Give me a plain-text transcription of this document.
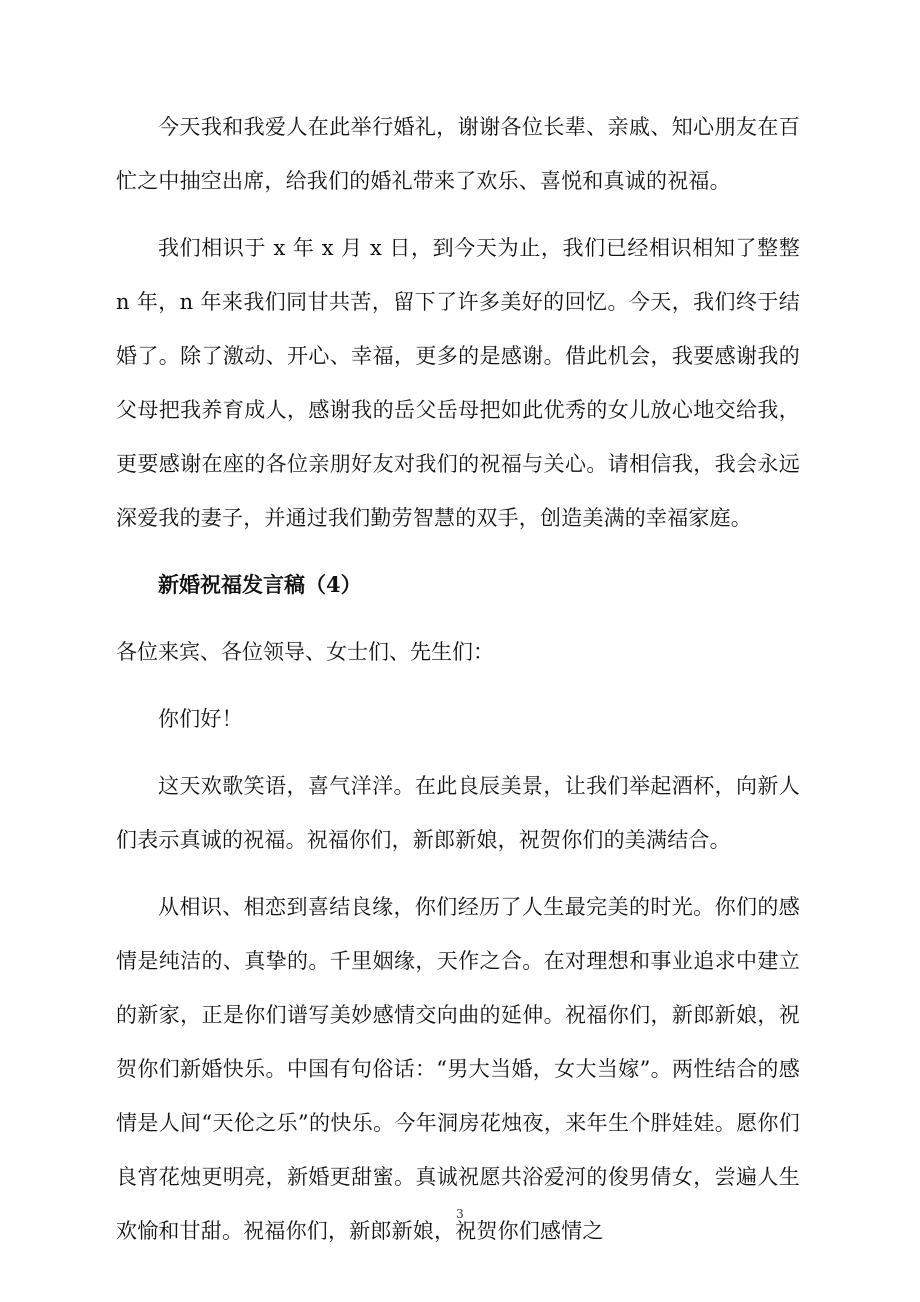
今天我和我爱人在此举行婚礼，谢谢各位长辈、亲戚、知心朋友在百忙之中抽空出席，给我们的婚礼带来了欢乐、喜悦和真诚的祝福。

我们相识于 x 年 x 月 x 日，到今天为止，我们已经相识相知了整整 n 年，n 年来我们同甘共苦，留下了许多美好的回忆。今天，我们终于结婚了。除了激动、开心、幸福，更多的是感谢。借此机会，我要感谢我的父母把我养育成人，感谢我的岳父岳母把如此优秀的女儿放心地交给我，更要感谢在座的各位亲朋好友对我们的祝福与关心。请相信我，我会永远深爱我的妻子，并通过我们勤劳智慧的双手，创造美满的幸福家庭。

新婚祝福发言稿（4）

各位来宾、各位领导、女士们、先生们：

你们好！

这天欢歌笑语，喜气洋洋。在此良辰美景，让我们举起酒杯，向新人们表示真诚的祝福。祝福你们，新郎新娘，祝贺你们的美满结合。

从相识、相恋到喜结良缘，你们经历了人生最完美的时光。你们的感情是纯洁的、真挚的。千里姻缘，天作之合。在对理想和事业追求中建立的新家，正是你们谱写美妙感情交向曲的延伸。祝福你们，新郎新娘，祝贺你们新婚快乐。中国有句俗话：“男大当婚，女大当嫁”。两性结合的感情是人间“天伦之乐”的快乐。今年洞房花烛夜，来年生个胖娃娃。愿你们良宵花烛更明亮，新婚更甜蜜。真诚祝愿共浴爱河的俊男倩女，尝遍人生欢愉和甘甜。祝福你们，新郎新娘，祝贺你们感情之

3
